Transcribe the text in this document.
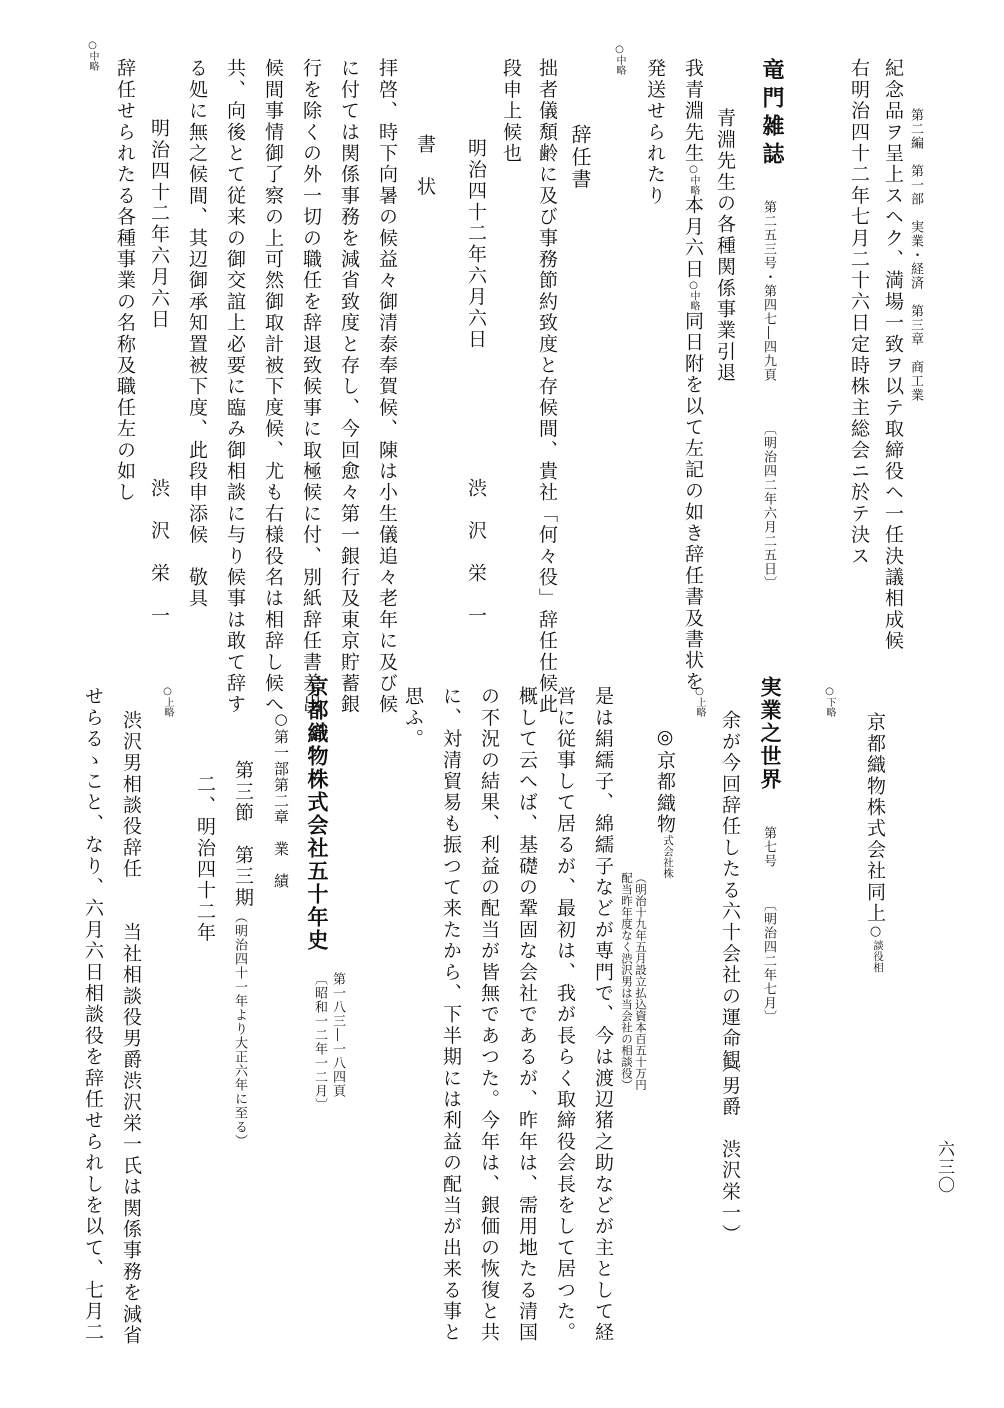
第二編　第一部　実業・経済　第三章　商工業
六三〇
紀念品ヲ呈上スヘク、満場一致ヲ以テ取締役ヘ一任決議相成候
右明治四十二年七月二十六日定時株主総会ニ於テ決ス
竜門雑誌
第二五三号・第四七―四九頁
〔明治四二年六月二五日〕
青淵先生の各種関係事業引退
我青淵先生○中略本月六日○中略同日附を以て左記の如き辞任書及書状を
発送せられたり
○中略
辞任書
拙者儀頽齢に及び事務節約致度と存候間、貴社「何々役」辞任仕候此
段申上候也
明治四十二年六月六日
渋　沢　栄　一
書　状
拝啓、時下向暑の候益々御清泰奉賀候、陳は小生儀追々老年に及び候
に付ては関係事務を減省致度と存し、今回愈々第一銀行及東京貯蓄銀
行を除くの外一切の職任を辞退致候事に取極候に付、別紙辞任書差出
候間事情御了察の上可然御取計被下度候、尤も右様役名は相辞し候へ
共、向後とて従来の御交誼上必要に臨み御相談に与り候事は敢て辞す
る処に無之候間、其辺御承知置被下度、此段申添候　敬具
明治四十二年六月六日
渋　沢　栄　一
○中略
辞任せられたる各種事業の名称及職任左の如し
京都織物株式会社同上○
相
談役
○下略
実業之世界
第七号
〔明治四二年七月〕
余が今回辞任したる六十会社の運命観
（男爵　渋沢栄一）
○上略
◎京都織物
株
式会社
（明治十九年五月設立払込資本百五十万円
配当昨年度なく渋沢男は当会社の相談役）
是は絹繻子、綿繻子などが専門で、今は渡辺猪之助などが主として経
営に従事して居るが、最初は、我が長らく取締役会長をして居つた。
概して云へば、基礎の鞏固な会社であるが、昨年は、需用地たる清国
の不況の結果、利益の配当が皆無であつた。今年は、銀価の恢復と共
に、対清貿易も振つて来たから、下半期には利益の配当が出来る事と
思ふ。
京都織物株式会社五十年史
第一八三―一八四頁
〔昭和一二年一二月〕
○第一部第二章　業　績
第三節　第三期
（明治四十一年より大正六年に至る）
二、明治四十二年
○上略
渋沢男相談役辞任　　当社相談役男爵渋沢栄一氏は関係事務を減省
せらるゝこと、なり、六月六日相談役を辞任せられしを以て、七月二
